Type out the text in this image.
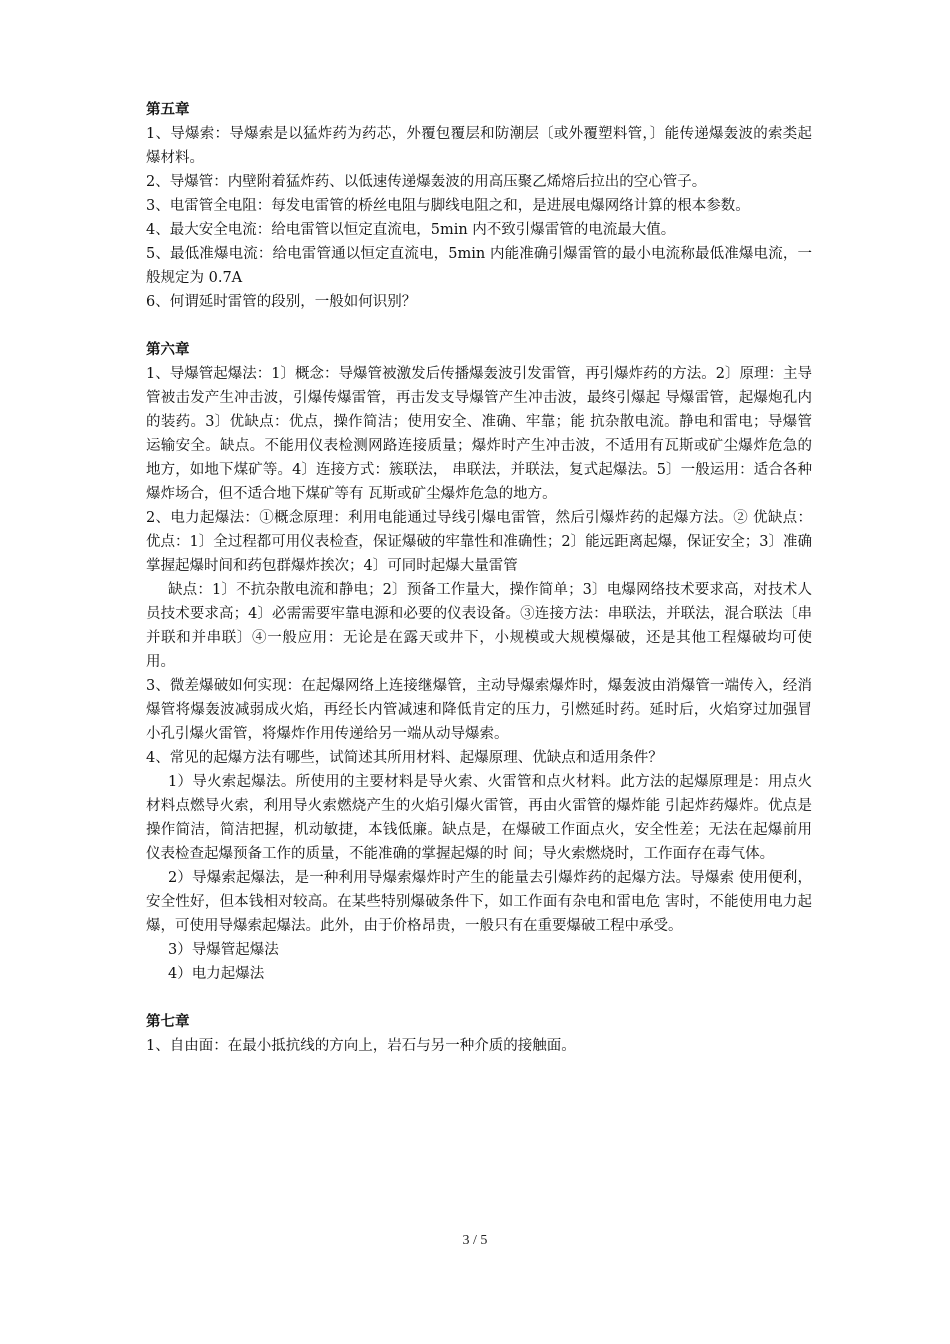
第五章

1、导爆索：导爆索是以猛炸药为药芯，外覆包覆层和防潮层〔或外覆塑料管，〕能传递爆轰波的索类起爆材料。

2、导爆管：内壁附着猛炸药、以低速传递爆轰波的用高压聚乙烯熔后拉出的空心管子。

3、电雷管全电阻：每发电雷管的桥丝电阻与脚线电阻之和，是进展电爆网络计算的根本参数。

4、最大安全电流：给电雷管以恒定直流电，5min 内不致引爆雷管的电流最大值。

5、最低准爆电流：给电雷管通以恒定直流电，5min 内能准确引爆雷管的最小电流称最低准爆电流，一般规定为 0.7A

6、何谓延时雷管的段别，一般如何识别？

第六章

1、导爆管起爆法：1〕概念：导爆管被激发后传播爆轰波引发雷管，再引爆炸药的方法。2〕原理：主导管被击发产生冲击波，引爆传爆雷管，再击发支导爆管产生冲击波，最终引爆起 导爆雷管，起爆炮孔内的装药。3〕优缺点：优点，操作简洁；使用安全、准确、牢靠；能 抗杂散电流。静电和雷电；导爆管运输安全。缺点。不能用仪表检测网路连接质量；爆炸时产生冲击波，不适用有瓦斯或矿尘爆炸危急的地方，如地下煤矿等。4〕连接方式：簇联法， 串联法，并联法，复式起爆法。5〕一般运用：适合各种爆炸场合，但不适合地下煤矿等有 瓦斯或矿尘爆炸危急的地方。

2、电力起爆法：①概念原理：利用电能通过导线引爆电雷管，然后引爆炸药的起爆方法。② 优缺点：优点：1〕全过程都可用仪表检查，保证爆破的牢靠性和准确性；2〕能远距离起爆，保证安全；3〕准确掌握起爆时间和药包群爆炸挨次；4〕可同时起爆大量雷管

缺点：1〕不抗杂散电流和静电；2〕预备工作量大，操作简单；3〕电爆网络技术要求高，对技术人员技术要求高；4〕必需需要牢靠电源和必要的仪表设备。③连接方法：串联法，并联法，混合联法〔串并联和并串联〕④一般应用：无论是在露天或井下，小规模或大规模爆破，还是其他工程爆破均可使用。

3、微差爆破如何实现：在起爆网络上连接继爆管，主动导爆索爆炸时，爆轰波由消爆管一端传入，经消爆管将爆轰波减弱成火焰，再经长内管减速和降低肯定的压力，引燃延时药。延时后，火焰穿过加强冒小孔引爆火雷管，将爆炸作用传递给另一端从动导爆索。

4、常见的起爆方法有哪些，试简述其所用材料、起爆原理、优缺点和适用条件？

1）导火索起爆法。所使用的主要材料是导火索、火雷管和点火材料。此方法的起爆原理是：用点火材料点燃导火索，利用导火索燃烧产生的火焰引爆火雷管，再由火雷管的爆炸能 引起炸药爆炸。优点是操作简洁，简洁把握，机动敏捷，本钱低廉。缺点是，在爆破工作面点火，安全性差；无法在起爆前用仪表检查起爆预备工作的质量，不能准确的掌握起爆的时 间；导火索燃烧时，工作面存在毒气体。

2）导爆索起爆法，是一种利用导爆索爆炸时产生的能量去引爆炸药的起爆方法。导爆索 使用便利，安全性好，但本钱相对较高。在某些特别爆破条件下，如工作面有杂电和雷电危 害时，不能使用电力起爆，可使用导爆索起爆法。此外，由于价格昂贵，一般只有在重要爆破工程中承受。

3）导爆管起爆法

4）电力起爆法

第七章

1、自由面：在最小抵抗线的方向上，岩石与另一种介质的接触面。

3 / 5
